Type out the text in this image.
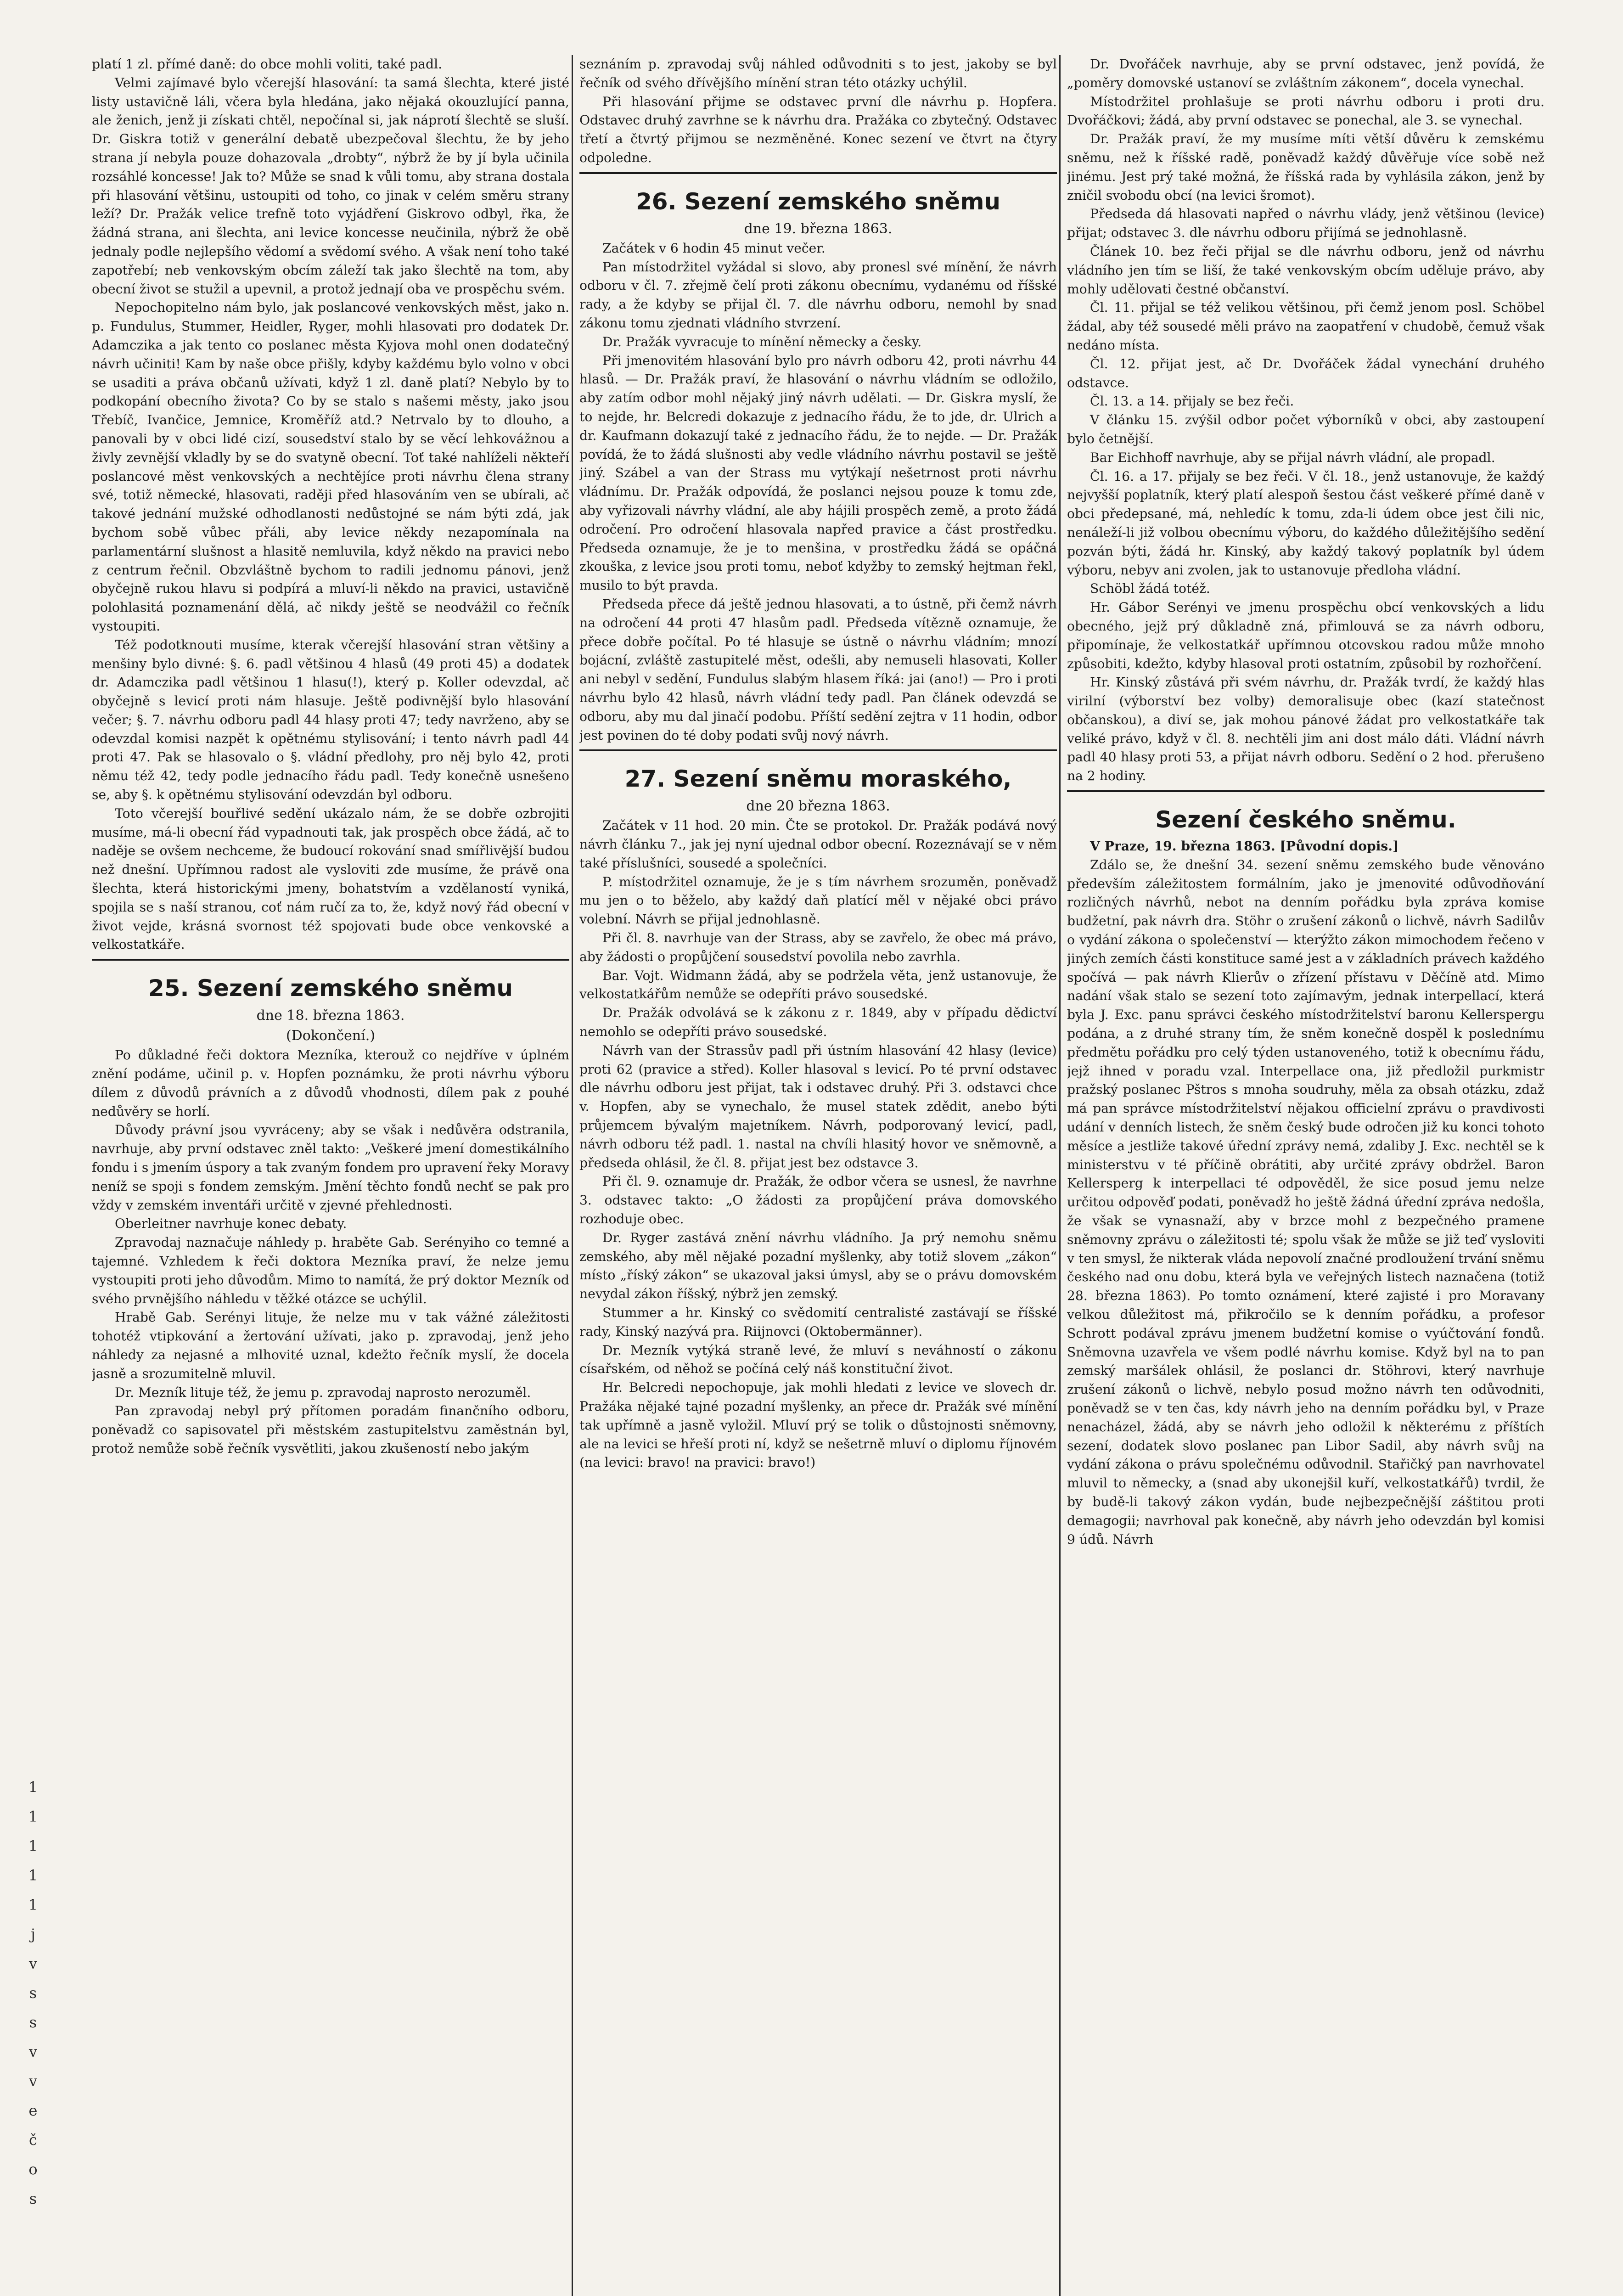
1
1
1
1
1
j
v
s
s
v
v
e
č
o
s

platí 1 zl. přímé daně: do obce mohli voliti, také padl.

Velmi zajímavé bylo včerejší hlasování: ta samá šlechta, které jisté listy ustavičně láli, včera byla hledána, jako nějaká okouzlující panna, ale ženich, jenž ji získati chtěl, nepočínal si, jak náprotí šlechtě se sluší. Dr. Giskra totiž v generální debatě ubezpečoval šlechtu, že by jeho strana jí nebyla pouze dohazovala „drobty“, nýbrž že by jí byla učinila rozsáhlé koncesse! Jak to? Může se snad k vůli tomu, aby strana dostala při hlasování většinu, ustoupiti od toho, co jinak v celém směru strany leží? Dr. Pražák velice trefně toto vyjádření Giskrovo odbyl, řka, že žádná strana, ani šlechta, ani levice koncesse neučinila, nýbrž že obě jednaly podle nejlepšího vědomí a svědomí svého. A však není toho také zapotřebí; neb venkovským obcím záleží tak jako šlechtě na tom, aby obecní život se stužil a upevnil, a protož jednají oba ve prospěchu svém.

Nepochopitelno nám bylo, jak poslancové venkovských měst, jako n. p. Fundulus, Stummer, Heidler, Ryger, mohli hlasovati pro dodatek Dr. Adamczika a jak tento co poslanec města Kyjova mohl onen dodatečný návrh učiniti! Kam by naše obce přišly, kdyby každému bylo volno v obci se usaditi a práva občanů užívati, když 1 zl. daně platí? Nebylo by to podkopání obecního života? Co by se stalo s našemi městy, jako jsou Třebíč, Ivančice, Jemnice, Kroměříž atd.? Netrvalo by to dlouho, a panovali by v obci lidé cizí, sousedství stalo by se věcí lehkovážnou a živly zevnější vkladly by se do svatyně obecní. Toť také nahlíželi někteří poslancové měst venkovských a nechtějíce proti návrhu člena strany své, totiž německé, hlasovati, raději před hlasováním ven se ubírali, ač takové jednání mužské odhodlanosti nedůstojné se nám býti zdá, jak bychom sobě vůbec přáli, aby levice někdy nezapomínala na parlamentární slušnost a hlasitě nemluvila, když někdo na pravici nebo z centrum řečnil. Obzvláštně bychom to radili jednomu pánovi, jenž obyčejně rukou hlavu si podpírá a mluví-li někdo na pravici, ustavičně polohlasitá poznamenání dělá, ač nikdy ještě se neodvážil co řečník vystoupiti.

Též podotknouti musíme, kterak včerejší hlasování stran většiny a menšiny bylo divné: §. 6. padl většinou 4 hlasů (49 proti 45) a dodatek dr. Adamczika padl většinou 1 hlasu(!), který p. Koller odevzdal, ač obyčejně s levicí proti nám hlasuje. Ještě podivnější bylo hlasování večer; §. 7. návrhu odboru padl 44 hlasy proti 47; tedy navrženo, aby se odevzdal komisi nazpět k opětnému stylisování; i tento návrh padl 44 proti 47. Pak se hlasovalo o §. vládní předlohy, pro něj bylo 42, proti němu též 42, tedy podle jednacího řádu padl. Tedy konečně usnešeno se, aby §. k opětnému stylisování odevzdán byl odboru.

Toto včerejší bouřlivé sedění ukázalo nám, že se dobře ozbrojiti musíme, má-li obecní řád vypadnouti tak, jak prospěch obce žádá, ač to naděje se ovšem nechceme, že budoucí rokování snad smířlivější budou než dnešní. Upřímnou radost ale vysloviti zde musíme, že právě ona šlechta, která historickými jmeny, bohatstvím a vzdělaností vyniká, spojila se s naší stranou, coť nám ručí za to, že, když nový řád obecní v život vejde, krásná svornost též spojovati bude obce venkovské a velkostatkáře.

25. Sezení zemského sněmu

dne 18. března 1863.

(Dokončení.)

Po důkladné řeči doktora Mezníka, kterouž co nejdříve v úplném znění podáme, učinil p. v. Hopfen poznámku, že proti návrhu výboru dílem z důvodů právních a z důvodů vhodnosti, dílem pak z pouhé nedůvěry se horlí.

Důvody právní jsou vyvráceny; aby se však i nedůvěra odstranila, navrhuje, aby první odstavec zněl takto: „Veškeré jmení domestikálního fondu i s jmením úspory a tak zvaným fondem pro upravení řeky Moravy neníž se spoji s fondem zemským. Jmění těchto fondů nechť se pak pro vždy v zemském inventáři určitě v zjevné přehlednosti.

Oberleitner navrhuje konec debaty.

Zpravodaj naznačuje náhledy p. hraběte Gab. Serényiho co temné a tajemné. Vzhledem k řeči doktora Mezníka praví, že nelze jemu vystoupiti proti jeho důvodům. Mimo to namítá, že prý doktor Mezník od svého prvnějšího náhledu v těžké otázce se uchýlil.

Hrabě Gab. Serényi lituje, že nelze mu v tak vážné záležitosti tohotéž vtipkování a žertování užívati, jako p. zpravodaj, jenž jeho náhledy za nejasné a mlhovité uznal, kdežto řečník myslí, že docela jasně a srozumitelně mluvil.

Dr. Mezník lituje též, že jemu p. zpravodaj naprosto nerozuměl.

Pan zpravodaj nebyl prý přítomen poradám finančního odboru, poněvadž co sapisovatel při městském zastupitelstvu zaměstnán byl, protož nemůže sobě řečník vysvětliti, jakou zkušeností nebo jakým

seznáním p. zpravodaj svůj náhled odůvodniti s to jest, jakoby se byl řečník od svého dřívějšího mínění stran této otázky uchýlil.

Při hlasování přijme se odstavec první dle návrhu p. Hopfera. Odstavec druhý zavrhne se k návrhu dra. Pražáka co zbytečný. Odstavec třetí a čtvrtý přijmou se nezměněné. Konec sezení ve čtvrt na čtyry odpoledne.

26. Sezení zemského sněmu

dne 19. března 1863.

Začátek v 6 hodin 45 minut večer.

Pan místodržitel vyžádal si slovo, aby pronesl své mínění, že návrh odboru v čl. 7. zřejmě čelí proti zákonu obecnímu, vydanému od říšské rady, a že kdyby se přijal čl. 7. dle návrhu odboru, nemohl by snad zákonu tomu zjednati vládního stvrzení.

Dr. Pražák vyvracuje to mínění německy a česky.

Při jmenovitém hlasování bylo pro návrh odboru 42, proti návrhu 44 hlasů. — Dr. Pražák praví, že hlasování o návrhu vládním se odložilo, aby zatím odbor mohl nějaký jiný návrh udělati. — Dr. Giskra myslí, že to nejde, hr. Belcredi dokazuje z jednacího řádu, že to jde, dr. Ulrich a dr. Kaufmann dokazují také z jednacího řádu, že to nejde. — Dr. Pražák povídá, že to žádá slušnosti aby vedle vládního návrhu postavil se ještě jiný. Szábel a van der Strass mu vytýkají nešetrnost proti návrhu vládnímu. Dr. Pražák odpovídá, že poslanci nejsou pouze k tomu zde, aby vyřizovali návrhy vládní, ale aby hájili prospěch země, a proto žádá odročení. Pro odročení hlasovala napřed pravice a část prostředku. Předseda oznamuje, že je to menšina, v prostředku žádá se opáčná zkouška, z levice jsou proti tomu, neboť kdyžby to zemský hejtman řekl, musilo to být pravda.

Předseda přece dá ještě jednou hlasovati, a to ústně, při čemž návrh na odročení 44 proti 47 hlasům padl. Předseda vítězně oznamuje, že přece dobře počítal. Po té hlasuje se ústně o návrhu vládním; mnozí bojácní, zvláště zastupitelé měst, odešli, aby nemuseli hlasovati, Koller ani nebyl v sedění, Fundulus slabým hlasem říká: jai (ano!) — Pro i proti návrhu bylo 42 hlasů, návrh vládní tedy padl. Pan článek odevzdá se odboru, aby mu dal jinačí podobu. Příští sedění zejtra v 11 hodin, odbor jest povinen do té doby podati svůj nový návrh.

27. Sezení sněmu moraského,

dne 20 března 1863.

Začátek v 11 hod. 20 min. Čte se protokol. Dr. Pražák podává nový návrh článku 7., jak jej nyní ujednal odbor obecní. Rozeznávají se v něm také příslušníci, sousedé a společníci.

P. místodržitel oznamuje, že je s tím návrhem srozuměn, poněvadž mu jen o to běželo, aby každý daň platící měl v nějaké obci právo volební. Návrh se přijal jednohlasně.

Při čl. 8. navrhuje van der Strass, aby se zavřelo, že obec má právo, aby žádosti o propůjčení sousedství povolila nebo zavrhla.

Bar. Vojt. Widmann žádá, aby se podržela věta, jenž ustanovuje, že velkostatkářům nemůže se odepříti právo sousedské.

Dr. Pražák odvolává se k zákonu z r. 1849, aby v případu dědictví nemohlo se odepříti právo sousedské.

Návrh van der Strassův padl při ústním hlasování 42 hlasy (levice) proti 62 (pravice a střed). Koller hlasoval s levicí. Po té první odstavec dle návrhu odboru jest přijat, tak i odstavec druhý. Při 3. odstavci chce v. Hopfen, aby se vynechalo, že musel statek zdědit, anebo býti průjemcem bývalým majetníkem. Návrh, podporovaný levicí, padl, návrh odboru též padl. 1. nastal na chvíli hlasitý hovor ve sněmovně, a předseda ohlásil, že čl. 8. přijat jest bez odstavce 3.

Při čl. 9. oznamuje dr. Pražák, že odbor včera se usnesl, že navrhne 3. odstavec takto: „O žádosti za propůjčení práva domovského rozhoduje obec.

Dr. Ryger zastává znění návrhu vládního. Ja prý nemohu sněmu zemského, aby měl nějaké pozadní myšlenky, aby totiž slovem „zákon“ místo „říský zákon“ se ukazoval jaksi úmysl, aby se o právu domovském nevydal zákon říšský, nýbrž jen zemský.

Stummer a hr. Kinský co svědomití centralisté zastávají se říšské rady, Kinský nazývá pra. Riijnovci (Oktobermänner).

Dr. Mezník vytýká straně levé, že mluví s neváhností o zákonu císařském, od něhož se počíná celý náš konstituční život.

Hr. Belcredi nepochopuje, jak mohli hledati z levice ve slovech dr. Pražáka nějaké tajné pozadní myšlenky, an přece dr. Pražák své mínění tak upřímně a jasně vyložil. Mluví prý se tolik o důstojnosti sněmovny, ale na levici se hřeší proti ní, když se nešetrně mluví o diplomu říjnovém (na levici: bravo! na pravici: bravo!)

Dr. Dvořáček navrhuje, aby se první odstavec, jenž povídá, že „poměry domovské ustanoví se zvláštním zákonem“, docela vynechal.

Místodržitel prohlašuje se proti návrhu odboru i proti dru. Dvořáčkovi; žádá, aby první odstavec se ponechal, ale 3. se vynechal.

Dr. Pražák praví, že my musíme míti větší důvěru k zemskému sněmu, než k říšské radě, poněvadž každý důvěřuje více sobě než jinému. Jest prý také možná, že říšská rada by vyhlásila zákon, jenž by zničil svobodu obcí (na levici šromot).

Předseda dá hlasovati napřed o návrhu vlády, jenž většinou (levice) přijat; odstavec 3. dle návrhu odboru přijímá se jednohlasně.

Článek 10. bez řeči přijal se dle návrhu odboru, jenž od návrhu vládního jen tím se liší, že také venkovským obcím uděluje právo, aby mohly udělovati čestné občanství.

Čl. 11. přijal se též velikou většinou, při čemž jenom posl. Schöbel žádal, aby též sousedé měli právo na zaopatření v chudobě, čemuž však nedáno místa.

Čl. 12. přijat jest, ač Dr. Dvořáček žádal vynechání druhého odstavce.

Čl. 13. a 14. přijaly se bez řeči.

V článku 15. zvýšil odbor počet výborníků v obci, aby zastoupení bylo četnější.

Bar Eichhoff navrhuje, aby se přijal návrh vládní, ale propadl.

Čl. 16. a 17. přijaly se bez řeči. V čl. 18., jenž ustanovuje, že každý nejvyšší poplatník, který platí alespoň šestou část veškeré přímé daně v obci předepsané, má, nehledíc k tomu, zda-li údem obce jest čili nic, nenáleží-li již volbou obecnímu výboru, do každého důležitějšího sedění pozván býti, žádá hr. Kinský, aby každý takový poplatník byl údem výboru, nebyv ani zvolen, jak to ustanovuje předloha vládní.

Schöbl žádá totéž.

Hr. Gábor Serényi ve jmenu prospěchu obcí venkovských a lidu obecného, jejž prý důkladně zná, přimlouvá se za návrh odboru, připomínaje, že velkostatkář upřímnou otcovskou radou může mnoho způsobiti, kdežto, kdyby hlasoval proti ostatním, způsobil by rozhořčení.

Hr. Kinský zůstává při svém návrhu, dr. Pražák tvrdí, že každý hlas virilní (výborství bez volby) demoralisuje obec (kazí statečnost občanskou), a diví se, jak mohou pánové žádat pro velkostatkáře tak veliké právo, když v čl. 8. nechtěli jim ani dost málo dáti. Vládní návrh padl 40 hlasy proti 53, a přijat návrh odboru. Sedění o 2 hod. přerušeno na 2 hodiny.

Sezení českého sněmu.

V Praze, 19. března 1863. [Původní dopis.]

Zdálo se, že dnešní 34. sezení sněmu zemského bude věnováno především záležitostem formálním, jako je jmenovité odůvodňování rozličných návrhů, nebot na denním pořádku byla zpráva komise budžetní, pak návrh dra. Stöhr o zrušení zákonů o lichvě, návrh Sadilův o vydání zákona o společenství — kterýžto zákon mimochodem řečeno v jiných zemích části konstituce samé jest a v základních právech každého spočívá — pak návrh Klierův o zřízení přístavu v Děčíně atd. Mimo nadání však stalo se sezení toto zajímavým, jednak interpellací, která byla J. Exc. panu správci českého místodržitelství baronu Kellerspergu podána, a z druhé strany tím, že sněm konečně dospěl k poslednímu předmětu pořádku pro celý týden ustanoveného, totiž k obecnímu řádu, jejž ihned v poradu vzal. Interpellace ona, již předložil purkmistr pražský poslanec Pštros s mnoha soudruhy, měla za obsah otázku, zdaž má pan správce místodržitelství nějakou officielní zprávu o pravdivosti udání v denních listech, že sněm český bude odročen již ku konci tohoto měsíce a jestliže takové úřední zprávy nemá, zdaliby J. Exc. nechtěl se k ministerstvu v té příčině obrátiti, aby určité zprávy obdržel. Baron Kellersperg k interpellaci té odpověděl, že sice posud jemu nelze určitou odpověď podati, poněvadž ho ještě žádná úřední zpráva nedošla, že však se vynasnaží, aby v brzce mohl z bezpečného pramene sněmovny zprávu o záležitosti té; spolu však že může se již teď vysloviti v ten smysl, že nikterak vláda nepovolí značné prodloužení trvání sněmu českého nad onu dobu, která byla ve veřejných listech naznačena (totiž 28. března 1863). Po tomto oznámení, které zajisté i pro Moravany velkou důležitost má, přikročilo se k denním pořádku, a profesor Schrott podával zprávu jmenem budžetní komise o vyúčtování fondů. Sněmovna uzavřela ve všem podlé návrhu komise. Když byl na to pan zemský maršálek ohlásil, že poslanci dr. Stöhrovi, který navrhuje zrušení zákonů o lichvě, nebylo posud možno návrh ten odůvodniti, poněvadž se v ten čas, kdy návrh jeho na denním pořádku byl, v Praze nenacházel, žádá, aby se návrh jeho odložil k některému z příštích sezení, dodatek slovo poslanec pan Libor Sadil, aby návrh svůj na vydání zákona o právu společnému odůvodnil. Stařičký pan navrhovatel mluvil to německy, a (snad aby ukonejšil kuří, velkostatkářů) tvrdil, že by budě-li takový zákon vydán, bude nejbezpečnější záštitou proti demagogii; navrhoval pak konečně, aby návrh jeho odevzdán byl komisi 9 údů. Návrh
